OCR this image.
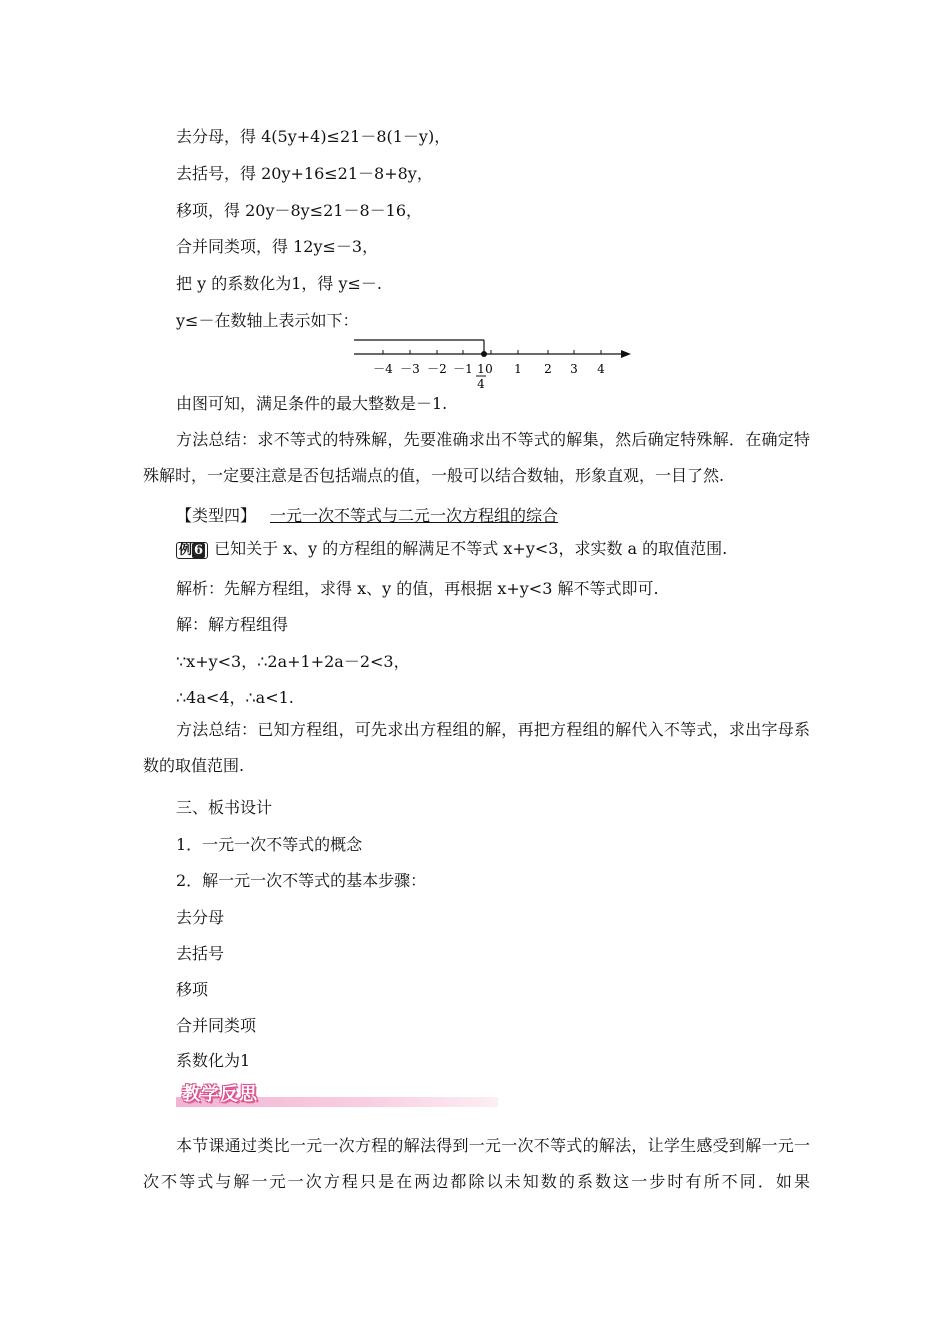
去分母，得 4(5y+4)≤21－8(1－y)，
去括号，得 20y+16≤21－8+8y，
移项，得 20y－8y≤21－8－16，
合并同类项，得 12y≤－3，
把 y 的系数化为1，得 y≤－.
y≤－在数轴上表示如下：
－4 －3 －2 －1 0 1 2 3 4
1
4
由图可知，满足条件的最大整数是－1.
方法总结：求不等式的特殊解，先要准确求出不等式的解集，然后确定特殊解．在确定特殊解时，一定要注意是否包括端点的值，一般可以结合数轴，形象直观，一目了然.
【类型四】 一元一次不等式与二元一次方程组的综合
例 6 已知关于 x、y 的方程组的解满足不等式 x+y<3，求实数 a 的取值范围.
解析：先解方程组，求得 x、y 的值，再根据 x+y<3 解不等式即可.
解：解方程组得
∵x+y<3，∴2a+1+2a－2<3，
∴4a<4，∴a<1.
方法总结：已知方程组，可先求出方程组的解，再把方程组的解代入不等式，求出字母系数的取值范围.
三、板书设计
1．一元一次不等式的概念
2．解一元一次不等式的基本步骤：
去分母
去括号
移项
合并同类项
系数化为1
教学反思
本节课通过类比一元一次方程的解法得到一元一次不等式的解法，让学生感受到解一元一次不等式与解一元一次方程只是在两边都除以未知数的系数这一步时有所不同．如果
